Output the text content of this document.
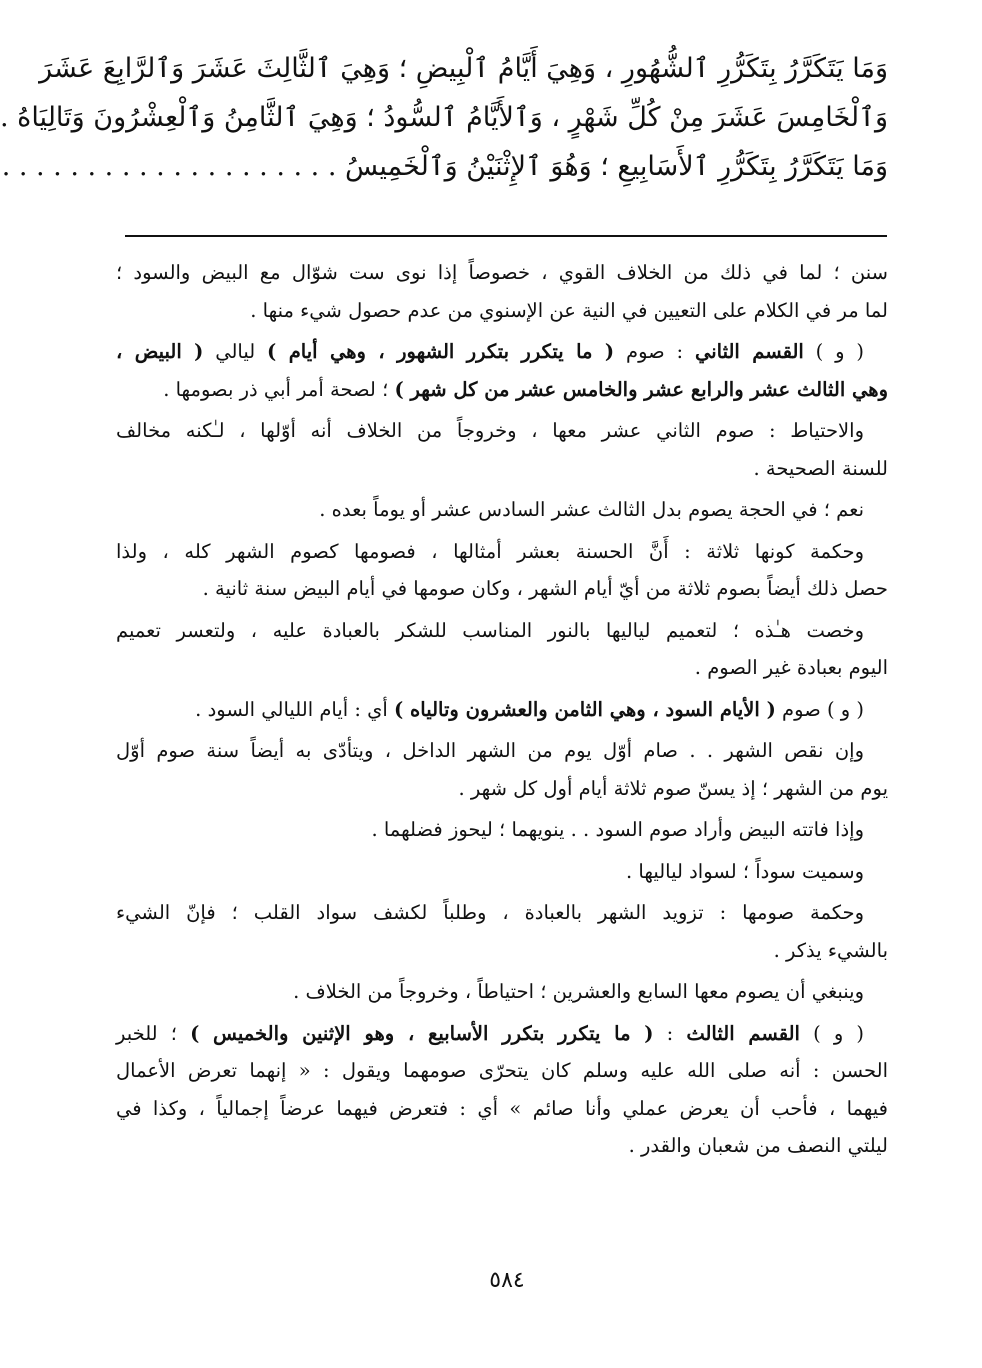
وَمَا يَتَكَرَّرُ بِتَكَرُّرِ ٱلشُّهُورِ ، وَهِيَ أَيَّامُ ٱلْبِيضِ ؛ وَهِيَ ٱلثَّالِثَ عَشَرَ وَٱلرَّابِعَ عَشَرَ
وَٱلْخَامِسَ عَشَرَ مِنْ كُلِّ شَهْرٍ ، وَٱلأَيَّامُ ٱلسُّودُ ؛ وَهِيَ ٱلثَّامِنُ وَٱلْعِشْرُونَ وَتَالِيَاهُ .
وَمَا يَتَكَرَّرُ بِتَكَرُّرِ ٱلأَسَابِيعِ ؛ وَهُوَ ٱلإِثْنَيْنُ وَٱلْخَمِيسُ . . . . . . . . . . . . . . . . . . . .

سنن ؛ لما في ذلك من الخلاف القوي ، خصوصاً إذا نوى ست شوّال مع البيض والسود ؛
لما مر في الكلام على التعيين في النية عن الإسنوي من عدم حصول شيء منها .

( و ) القسم الثاني : صوم ( ما يتكرر بتكرر الشهور ، وهي أيام ) ليالي ( البيض ،
وهي الثالث عشر والرابع عشر والخامس عشر من كل شهر ) ؛ لصحة أمر أبي ذر بصومها .

والاحتياط : صوم الثاني عشر معها ، وخروجاً من الخلاف أنه أوّلها ، لـٰكنه مخالف
للسنة الصحيحة .

نعم ؛ في الحجة يصوم بدل الثالث عشر السادس عشر أو يوماً بعده .

وحكمة كونها ثلاثة : أَنَّ الحسنة بعشر أمثالها ، فصومها كصوم الشهر كله ، ولذا
حصل ذلك أيضاً بصوم ثلاثة من أيّ أيام الشهر ، وكان صومها في أيام البيض سنة ثانية .

وخصت هـٰذه ؛ لتعميم لياليها بالنور المناسب للشكر بالعبادة عليه ، ولتعسر تعميم
اليوم بعبادة غير الصوم .

( و ) صوم ( الأيام السود ، وهي الثامن والعشرون وتالياه ) أي : أيام الليالي السود .

وإن نقص الشهر . . صام أوّل يوم من الشهر الداخل ، ويتأدّى به أيضاً سنة صوم أوّل
يوم من الشهر ؛ إذ يسنّ صوم ثلاثة أيام أول كل شهر .

وإذا فاتته البيض وأراد صوم السود . . ينويهما ؛ ليحوز فضلهما .

وسميت سوداً ؛ لسواد لياليها .

وحكمة صومها : تزويد الشهر بالعبادة ، وطلباً لكشف سواد القلب ؛ فإنّ الشيء
بالشيء يذكر .

وينبغي أن يصوم معها السابع والعشرين ؛ احتياطاً ، وخروجاً من الخلاف .

( و ) القسم الثالث : ( ما يتكرر بتكرر الأسابيع ، وهو الإثنين والخميس ) ؛ للخبر
الحسن : أنه صلى الله عليه وسلم كان يتحرّى صومهما ويقول : « إنهما تعرض الأعمال
فيهما ، فأحب أن يعرض عملي وأنا صائم » أي : فتعرض فيهما عرضاً إجمالياً ، وكذا في
ليلتي النصف من شعبان والقدر .

٥٨٤
